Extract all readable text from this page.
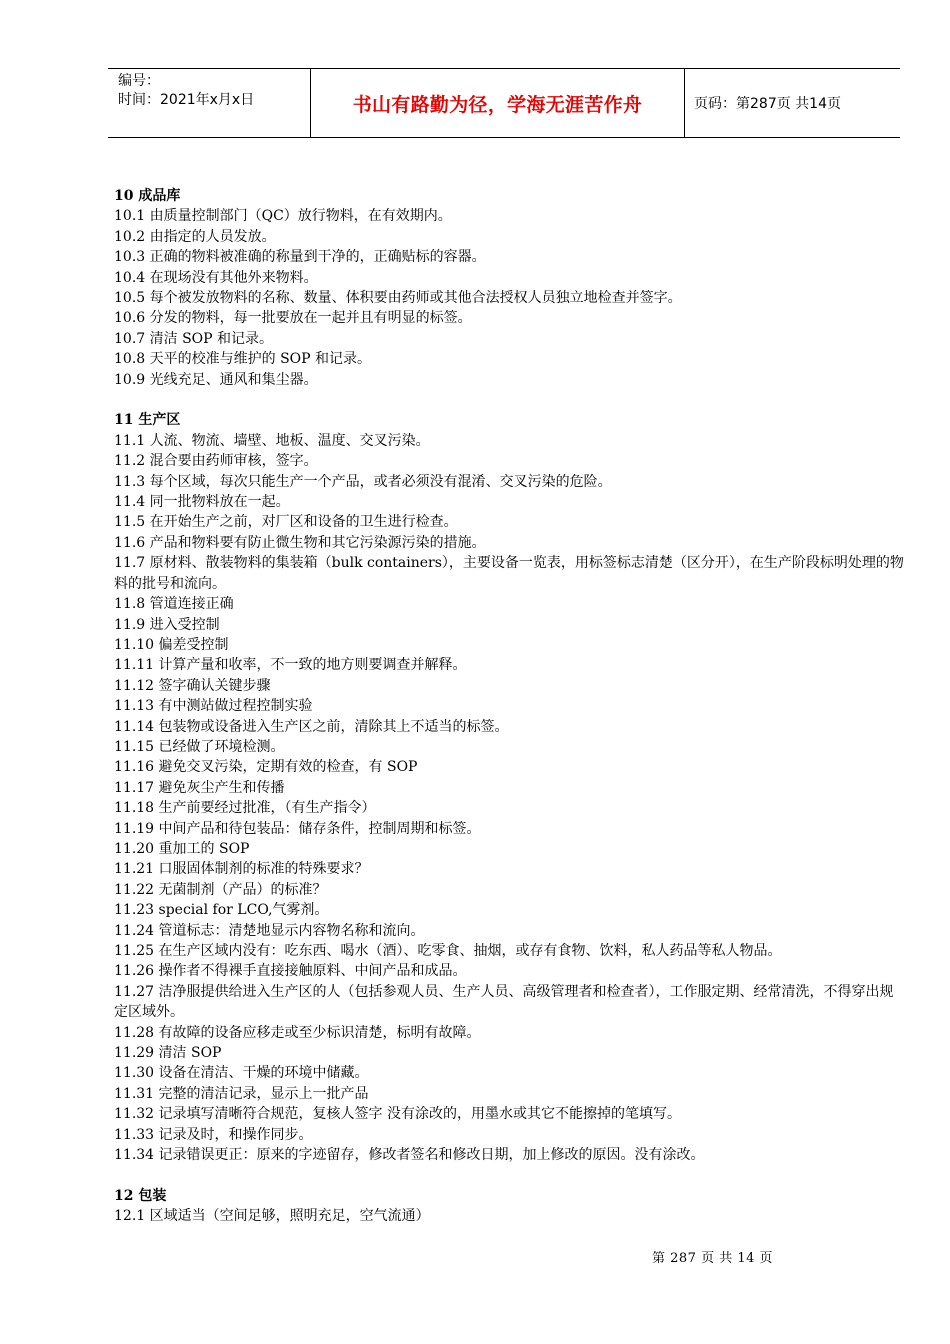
编号：
时间：2021年x月x日	书山有路勤为径，学海无涯苦作舟	页码：第287页 共14页
10 成品库
10.1 由质量控制部门（QC）放行物料，在有效期内。
10.2 由指定的人员发放。
10.3 正确的物料被准确的称量到干净的，正确贴标的容器。
10.4 在现场没有其他外来物料。
10.5 每个被发放物料的名称、数量、体积要由药师或其他合法授权人员独立地检查并签字。
10.6 分发的物料，每一批要放在一起并且有明显的标签。
10.7 清洁 SOP 和记录。
10.8 天平的校准与维护的 SOP 和记录。
10.9 光线充足、通风和集尘器。
11 生产区
11.1 人流、物流、墙壁、地板、温度、交叉污染。
11.2 混合要由药师审核，签字。
11.3 每个区域，每次只能生产一个产品，或者必须没有混淆、交叉污染的危险。
11.4 同一批物料放在一起。
11.5 在开始生产之前，对厂区和设备的卫生进行检查。
11.6 产品和物料要有防止微生物和其它污染源污染的措施。
11.7 原材料、散装物料的集装箱（bulk containers），主要设备一览表，用标签标志清楚（区分开），在生产阶段标明处理的物料的批号和流向。
11.8 管道连接正确
11.9 进入受控制
11.10 偏差受控制
11.11 计算产量和收率，不一致的地方则要调查并解释。
11.12 签字确认关键步骤
11.13 有中测站做过程控制实验
11.14 包装物或设备进入生产区之前，清除其上不适当的标签。
11.15 已经做了环境检测。
11.16 避免交叉污染，定期有效的检查，有 SOP
11.17 避免灰尘产生和传播
11.18 生产前要经过批准，（有生产指令）
11.19 中间产品和待包装品：储存条件，控制周期和标签。
11.20 重加工的 SOP
11.21 口服固体制剂的标准的特殊要求？
11.22 无菌制剂（产品）的标准？
11.23 special for LCO,气雾剂。
11.24 管道标志：清楚地显示内容物名称和流向。
11.25 在生产区域内没有：吃东西、喝水（酒）、吃零食、抽烟，或存有食物、饮料，私人药品等私人物品。
11.26 操作者不得裸手直接接触原料、中间产品和成品。
11.27 洁净服提供给进入生产区的人（包括参观人员、生产人员、高级管理者和检查者），工作服定期、经常清洗，不得穿出规定区域外。
11.28 有故障的设备应移走或至少标识清楚，标明有故障。
11.29 清洁 SOP
11.30 设备在清洁、干燥的环境中储藏。
11.31 完整的清洁记录，显示上一批产品
11.32 记录填写清晰符合规范，复核人签字 没有涂改的，用墨水或其它不能擦掉的笔填写。
11.33 记录及时，和操作同步。
11.34 记录错误更正：原来的字迹留存，修改者签名和修改日期，加上修改的原因。没有涂改。
12 包装
12.1 区域适当（空间足够，照明充足，空气流通）
第 287 页 共 14 页
